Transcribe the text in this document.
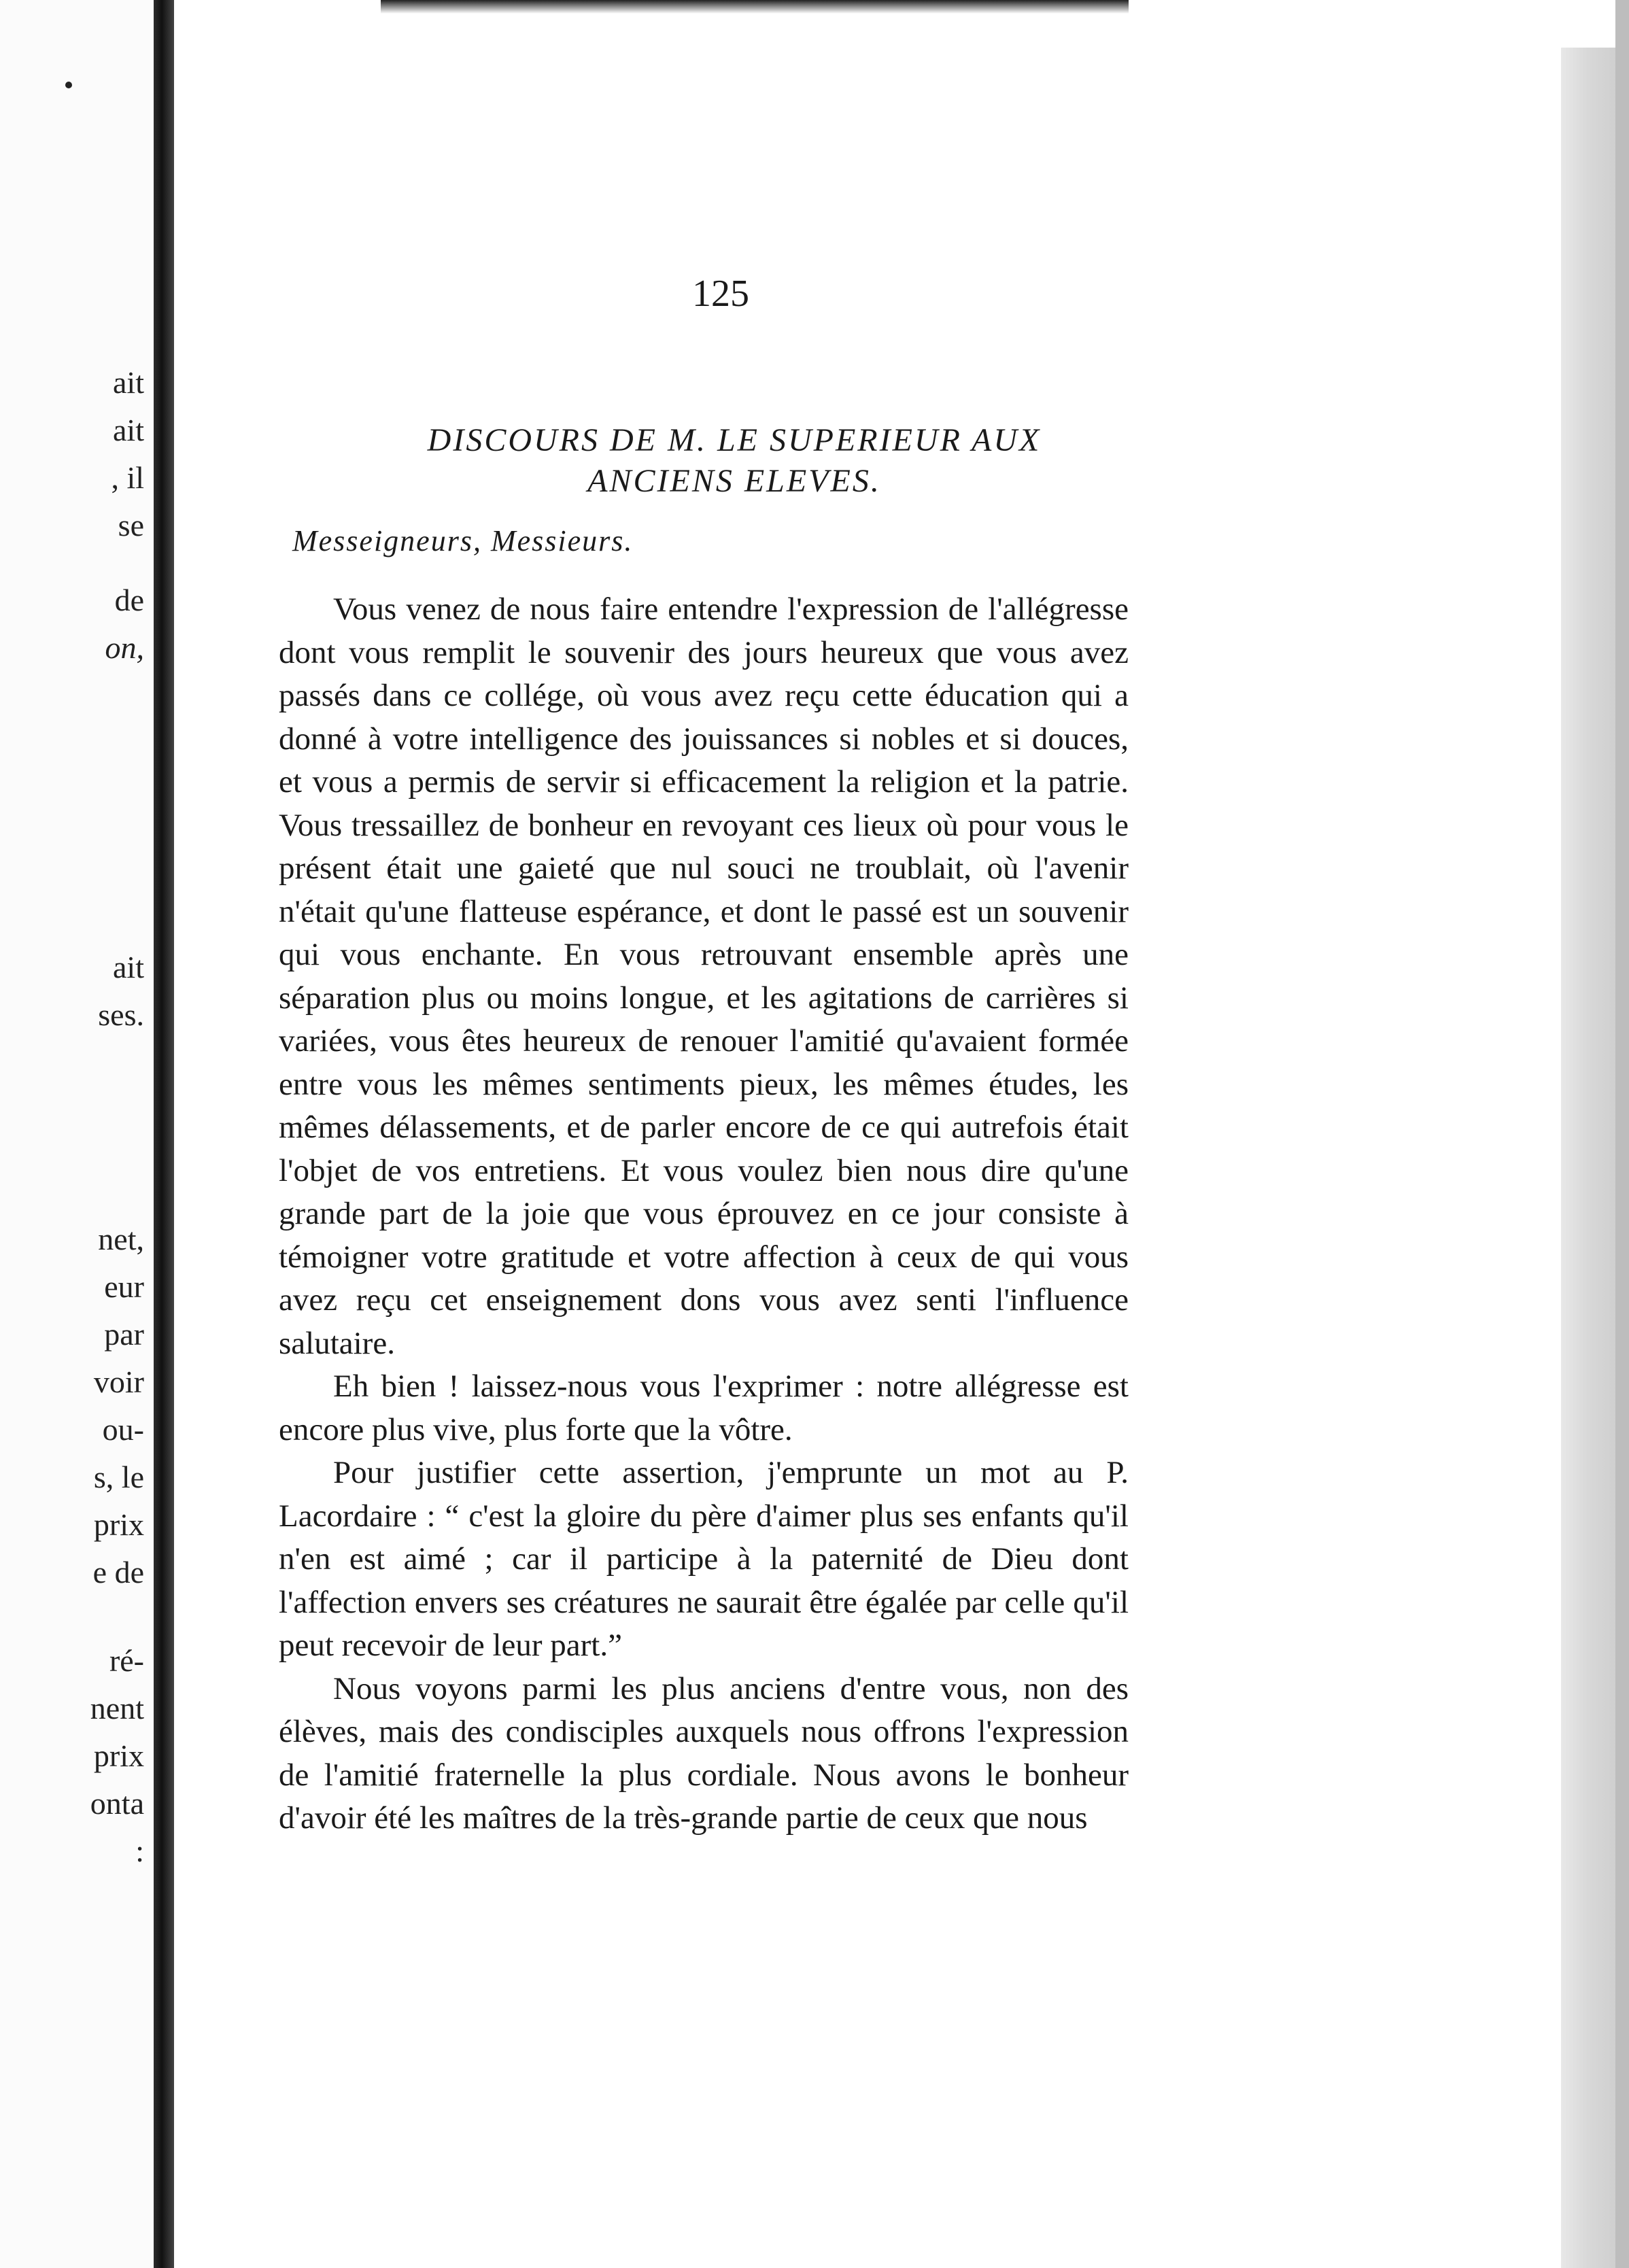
ait
ait
, il
se
de
on,
ait
ses.
net,
eur
par
voir
ou-
s, le
prix
e de
ré-
nent
prix
onta
:
125
DISCOURS DE M. LE SUPERIEUR AUX
ANCIENS ELEVES.
Messeigneurs, Messieurs.

Vous venez de nous faire entendre l'expression de l'allégresse dont vous remplit le souvenir des jours heureux que vous avez passés dans ce collége, où vous avez reçu cette éducation qui a donné à votre intelligence des jouissances si nobles et si douces, et vous a permis de servir si efficacement la religion et la patrie. Vous tressaillez de bonheur en revoyant ces lieux où pour vous le présent était une gaieté que nul souci ne troublait, où l'avenir n'était qu'une flatteuse espérance, et dont le passé est un souvenir qui vous enchante. En vous retrouvant ensemble après une séparation plus ou moins longue, et les agitations de carrières si variées, vous êtes heureux de renouer l'amitié qu'avaient formée entre vous les mêmes sentiments pieux, les mêmes études, les mêmes délassements, et de parler encore de ce qui autrefois était l'objet de vos entretiens. Et vous voulez bien nous dire qu'une grande part de la joie que vous éprouvez en ce jour consiste à témoigner votre gratitude et votre affection à ceux de qui vous avez reçu cet enseignement dons vous avez senti l'influence salutaire.

Eh bien ! laissez-nous vous l'exprimer : notre allégresse est encore plus vive, plus forte que la vôtre.

Pour justifier cette assertion, j'emprunte un mot au P. Lacordaire : “ c'est la gloire du père d'aimer plus ses enfants qu'il n'en est aimé ; car il participe à la paternité de Dieu dont l'affection envers ses créatures ne saurait être égalée par celle qu'il peut recevoir de leur part.”

Nous voyons parmi les plus anciens d'entre vous, non des élèves, mais des condisciples auxquels nous offrons l'expression de l'amitié fraternelle la plus cordiale. Nous avons le bonheur d'avoir été les maîtres de la très-grande partie de ceux que nous
